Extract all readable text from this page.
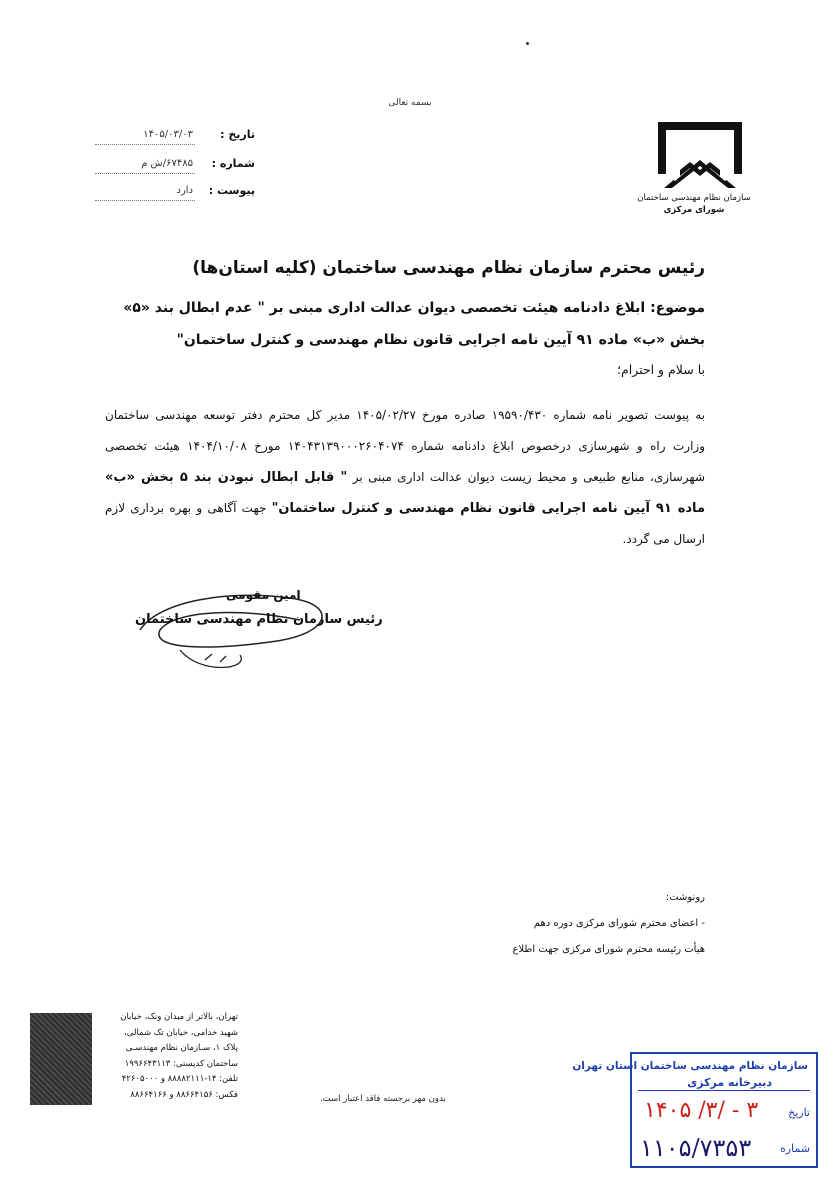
بسمه تعالی
تاریخ :
۱۴۰۵/۰۳/۰۳
شماره :
۶۷۴۸۵/ش م
پیوست :
دارد
سازمان نظام مهندسی ساختمان
شورای مرکزی
رئیس محترم سازمان نظام مهندسی ساختمان (کلیه استان‌ها)
موضوع: ابلاغ دادنامه هیئت تخصصی دیوان عدالت اداری مبنی بر " عدم ابطال بند «۵» بخش «ب» ماده ۹۱ آیین نامه اجرایی قانون نظام مهندسی و کنترل ساختمان"
با سلام و احترام؛
به پیوست تصویر نامه شماره ۱۹۵۹۰/۴۳۰ صادره مورخ ۱۴۰۵/۰۲/۲۷ مدیر کل محترم دفتر توسعه مهندسی ساختمان وزارت راه و شهرسازی درخصوص ابلاغ دادنامه شماره ۱۴۰۴۳۱۳۹۰۰۰۲۶۰۴۰۷۴ مورخ ۱۴۰۴/۱۰/۰۸ هیئت تخصصی شهرسازی، منابع طبیعی و محیط زیست دیوان عدالت اداری مبنی بر " قابل ابطال نبودن بند ۵ بخش «ب» ماده ۹۱ آیین نامه اجرایی قانون نظام مهندسی و کنترل ساختمان" جهت آگاهی و بهره برداری لازم ارسال می گردد.
امین مقومی
رئیس سازمان نظام مهندسی ساختمان
رونوشت:
- اعضای محترم شورای مرکزی دوره دهم
هیأت رئیسه محترم شورای مرکزی جهت اطلاع
تهران، بالاتر از میدان ونک، خیابان
شهید خدامی، خیابان تک شمالی،
پلاک ۱، سـازمان نظام مهندسـی
ساختمان کدپستی: ۱۹۹۶۶۴۳۱۱۳
تلفن: ۱۴-۸۸۸۸۲۱۱۱ و ۴۲۶۰۵۰۰۰
فکس: ۸۸۶۶۴۱۵۶ و ۸۸۶۶۴۱۶۶	بدون مهر برجسته فاقد اعتبار است.
سازمان نظام مهندسی ساختمان استان تهران
دبیرخانه مرکزی
تاریخ
۱۴۰۵ /۳/ - ۳
شماره
۱۱۰۵/۷۳۵۳
